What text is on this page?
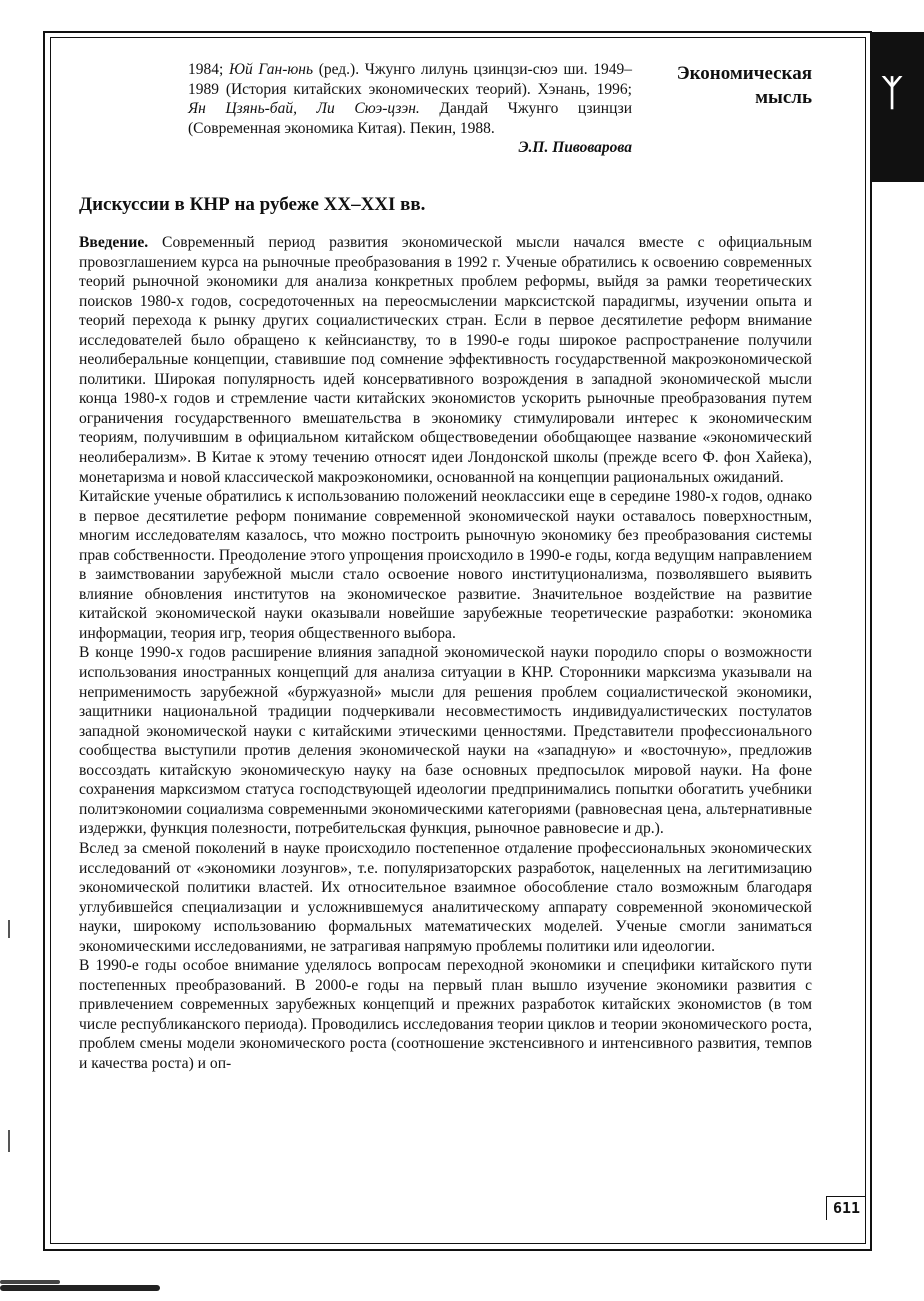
ᛉ
Экономическая
мысль
1984; Юй Ган-юнь (ред.). Чжунго лилунь цзинцзи-сюэ ши. 1949–1989 (История китайских экономических теорий). Хэнань, 1996; Ян Цзянь-бай, Ли Сюэ-цзэн. Дандай Чжунго цзинцзи (Современная экономика Китая). Пекин, 1988.
Э.П. Пивоварова
Дискуссии в КНР на рубеже XX–XXI вв.

Введение. Современный период развития экономической мысли начался вместе с официальным провозглашением курса на рыночные преобразования в 1992 г. Ученые обратились к освоению современных теорий рыночной экономики для анализа конкретных проблем реформы, выйдя за рамки теоретических поисков 1980-х годов, сосредоточенных на переосмыслении марксистской парадигмы, изучении опыта и теорий перехода к рынку других социалистических стран. Если в первое десятилетие реформ внимание исследователей было обращено к кейнсианству, то в 1990-е годы широкое распространение получили неолиберальные концепции, ставившие под сомнение эффективность государственной макроэкономической политики. Широкая популярность идей консервативного возрождения в западной экономической мысли конца 1980-х годов и стремление части китайских экономистов ускорить рыночные преобразования путем ограничения государственного вмешательства в экономику стимулировали интерес к экономическим теориям, получившим в официальном китайском обществоведении обобщающее название «экономический неолиберализм». В Китае к этому течению относят идеи Лондонской школы (прежде всего Ф. фон Хайека), монетаризма и новой классической макроэкономики, основанной на концепции рациональных ожиданий.

Китайские ученые обратились к использованию положений неоклассики еще в середине 1980-х годов, однако в первое десятилетие реформ понимание современной экономической науки оставалось поверхностным, многим исследователям казалось, что можно построить рыночную экономику без преобразования системы прав собственности. Преодоление этого упрощения происходило в 1990-е годы, когда ведущим направлением в заимствовании зарубежной мысли стало освоение нового институционализма, позволявшего выявить влияние обновления институтов на экономическое развитие. Значительное воздействие на развитие китайской экономической науки оказывали новейшие зарубежные теоретические разработки: экономика информации, теория игр, теория общественного выбора.

В конце 1990-х годов расширение влияния западной экономической науки породило споры о возможности использования иностранных концепций для анализа ситуации в КНР. Сторонники марксизма указывали на неприменимость зарубежной «буржуазной» мысли для решения проблем социалистической экономики, защитники национальной традиции подчеркивали несовместимость индивидуалистических постулатов западной экономической науки с китайскими этическими ценностями. Представители профессионального сообщества выступили против деления экономической науки на «западную» и «восточную», предложив воссоздать китайскую экономическую науку на базе основных предпосылок мировой науки. На фоне сохранения марксизмом статуса господствующей идеологии предпринимались попытки обогатить учебники политэкономии социализма современными экономическими категориями (равновесная цена, альтернативные издержки, функция полезности, потребительская функция, рыночное равновесие и др.).

Вслед за сменой поколений в науке происходило постепенное отдаление профессиональных экономических исследований от «экономики лозунгов», т.е. популяризаторских разработок, нацеленных на легитимизацию экономической политики властей. Их относительное взаимное обособление стало возможным благодаря углубившейся специализации и усложнившемуся аналитическому аппарату современной экономической науки, широкому использованию формальных математических моделей. Ученые смогли заниматься экономическими исследованиями, не затрагивая напрямую проблемы политики или идеологии.

В 1990-е годы особое внимание уделялось вопросам переходной экономики и специфики китайского пути постепенных преобразований. В 2000-е годы на первый план вышло изучение экономики развития с привлечением современных зарубежных концепций и прежних разработок китайских экономистов (в том числе республиканского периода). Проводились исследования теории циклов и теории экономического роста, проблем смены модели экономического роста (соотношение экстенсивного и интенсивного развития, темпов и качества роста) и оп-

611
